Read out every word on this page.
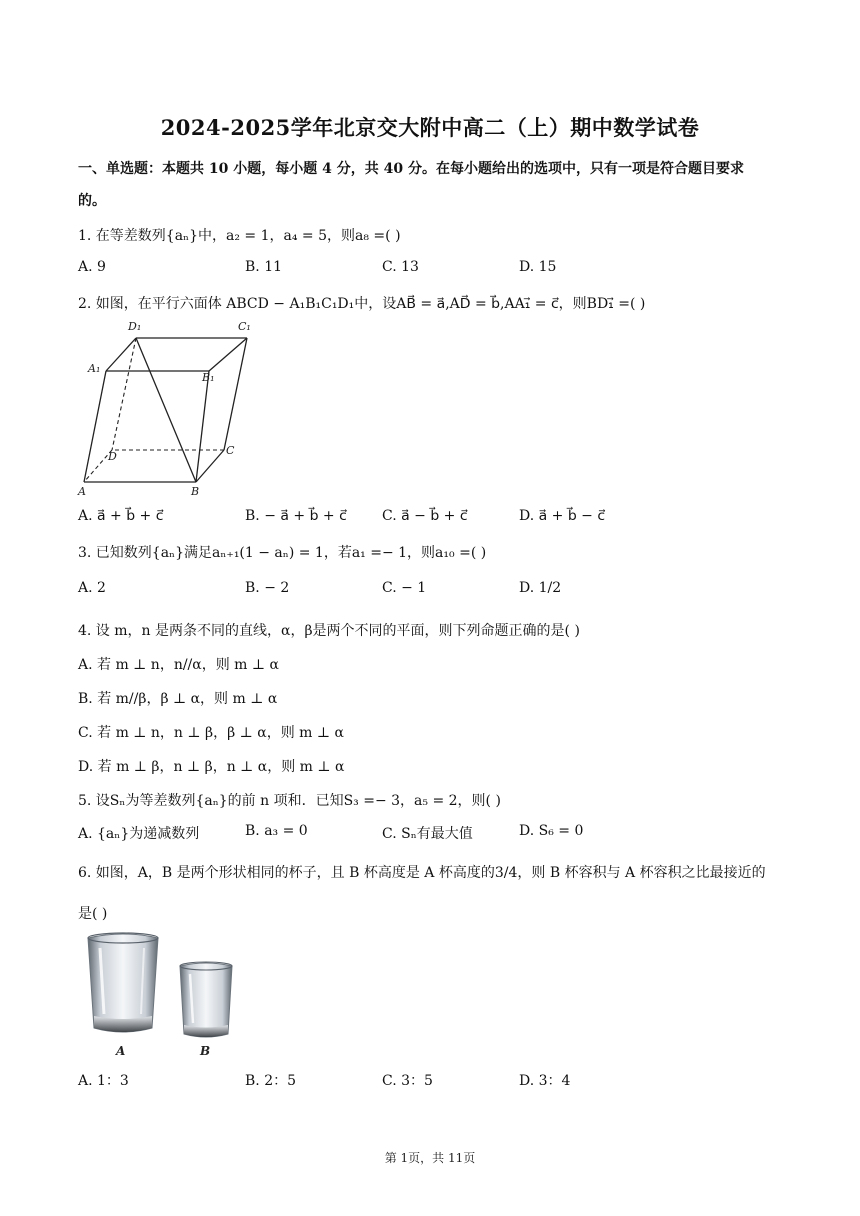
2024-2025学年北京交大附中高二（上）期中数学试卷
一、单选题：本题共 10 小题，每小题 4 分，共 40 分。在每小题给出的选项中，只有一项是符合题目要求
的。
1. 在等差数列{aₙ}中，a₂ = 1，a₄ = 5，则a₈ =( )
A. 9	B. 11	C. 13	D. 15
2. 如图，在平行六面体 ABCD − A₁B₁C₁D₁中，设AB⃗ = a⃗,AD⃗ = b⃗,AA₁⃗ = c⃗，则BD₁⃗ =( )
D₁	C₁
A₁
B₁
D	C
A	B
A. a⃗ + b⃗ + c⃗	B. − a⃗ + b⃗ + c⃗	C. a⃗ − b⃗ + c⃗	D. a⃗ + b⃗ − c⃗
3. 已知数列{aₙ}满足aₙ₊₁(1 − aₙ) = 1，若a₁ =− 1，则a₁₀ =( )
A. 2	B. − 2	C. − 1	D. 1/2
4. 设 m，n 是两条不同的直线，α，β是两个不同的平面，则下列命题正确的是( )
A. 若 m ⊥ n，n//α，则 m ⊥ α
B. 若 m//β，β ⊥ α，则 m ⊥ α
C. 若 m ⊥ n，n ⊥ β，β ⊥ α，则 m ⊥ α
D. 若 m ⊥ β，n ⊥ β，n ⊥ α，则 m ⊥ α
5. 设Sₙ为等差数列{aₙ}的前 n 项和．已知S₃ =− 3，a₅ = 2，则( )
A. {aₙ}为递减数列	B. a₃ = 0	C. Sₙ有最大值	D. S₆ = 0
6. 如图，A，B 是两个形状相同的杯子，且 B 杯高度是 A 杯高度的3/4，则 B 杯容积与 A 杯容积之比最接近的
是( )
A	B
A. 1：3	B. 2：5	C. 3：5	D. 3：4
第 1页，共 11页
